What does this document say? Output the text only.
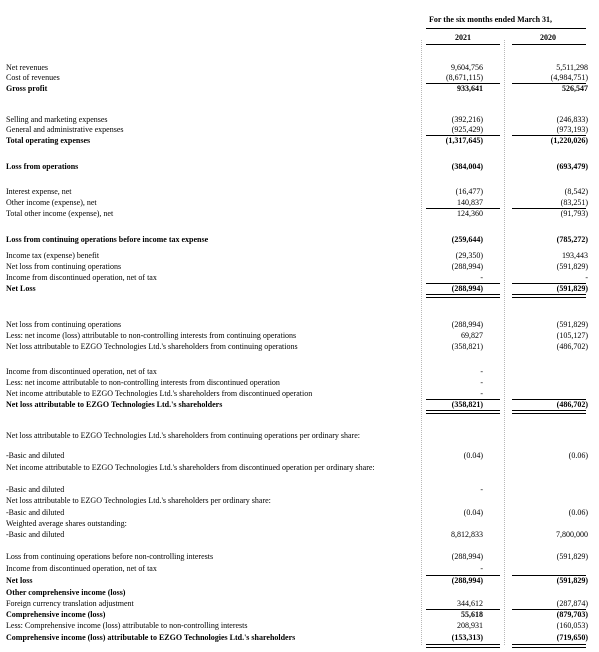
For the six months ended March 31,
2021	2020
Net revenues	9,604,756	5,511,298
Cost of revenues	(8,671,115)	(4,984,751)
Gross profit	933,641	526,547
Selling and marketing expenses	(392,216)	(246,833)
General and administrative expenses	(925,429)	(973,193)
Total operating expenses	(1,317,645)	(1,220,026)
Loss from operations	(384,004)	(693,479)
Interest expense, net	(16,477)	(8,542)
Other income (expense), net	140,837	(83,251)
Total other income (expense), net	124,360	(91,793)
Loss from continuing operations before income tax expense	(259,644)	(785,272)
Income tax (expense) benefit	(29,350)	193,443
Net loss from continuing operations	(288,994)	(591,829)
Income from discontinued operation, net of tax	-	-
Net Loss	(288,994)	(591,829)
Net loss from continuing operations	(288,994)	(591,829)
Less: net income (loss) attributable to non-controlling interests from continuing operations	69,827	(105,127)
Net loss attributable to EZGO Technologies Ltd.'s shareholders from continuing operations	(358,821)	(486,702)
Income from discontinued operation, net of tax	-
Less: net income attributable to non-controlling interests from discontinued operation	-
Net income attributable to EZGO Technologies Ltd.'s shareholders from discontinued operation	-
Net loss attributable to EZGO Technologies Ltd.'s shareholders	(358,821)	(486,702)
Net loss attributable to EZGO Technologies Ltd.'s shareholders from continuing operations per ordinary share:
-Basic and diluted	(0.04)	(0.06)
Net income attributable to EZGO Technologies Ltd.'s shareholders from discontinued operation per ordinary share:
-Basic and diluted	-
Net loss attributable to EZGO Technologies Ltd.'s shareholders per ordinary share:
-Basic and diluted	(0.04)	(0.06)
Weighted average shares outstanding:
-Basic and diluted	8,812,833	7,800,000
Loss from continuing operations before non-controlling interests	(288,994)	(591,829)
Income from discontinued operation, net of tax	-
Net loss	(288,994)	(591,829)
Other comprehensive income (loss)
Foreign currency translation adjustment	344,612	(287,874)
Comprehensive income (loss)	55,618	(879,703)
Less: Comprehensive income (loss) attributable to non-controlling interests	208,931	(160,053)
Comprehensive income (loss) attributable to EZGO Technologies Ltd.'s shareholders	(153,313)	(719,650)
